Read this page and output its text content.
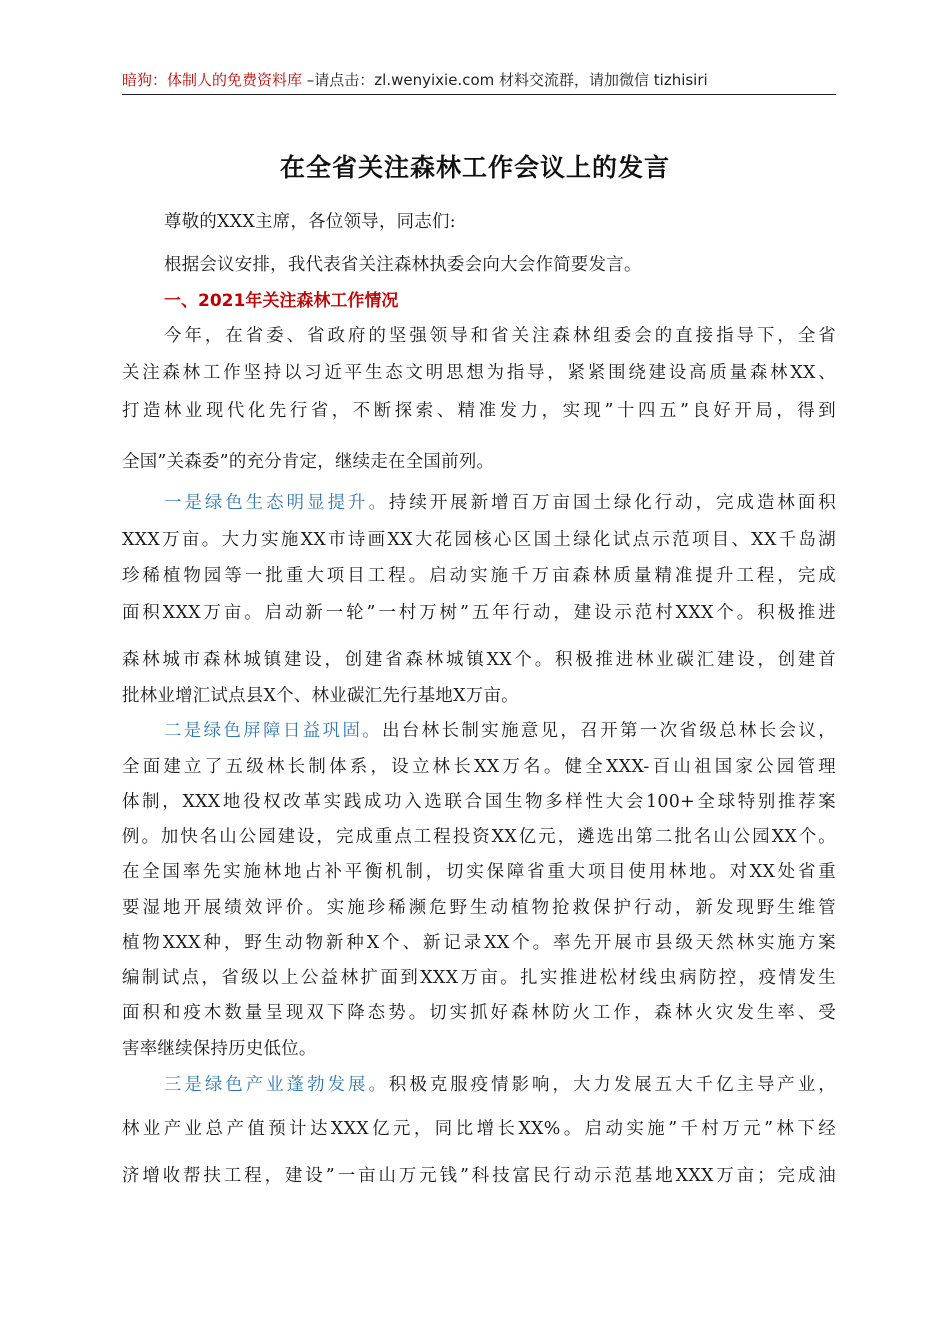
暗狗：体制人的免费资料库 –请点击：zl.wenyixie.com 材料交流群，请加微信 tizhisiri
在全省关注森林工作会议上的发言
尊敬的XXX主席，各位领导，同志们:
根据会议安排，我代表省关注森林执委会向大会作简要发言。
一、2021年关注森林工作情况
今年，在省委、省政府的坚强领导和省关注森林组委会的直接指导下，全省
关注森林工作坚持以习近平生态文明思想为指导，紧紧围绕建设高质量森林XX、
打造林业现代化先行省，不断探索、精准发力，实现”十四五”良好开局，得到
全国”关森委”的充分肯定，继续走在全国前列。
一是绿色生态明显提升。持续开展新增百万亩国土绿化行动，完成造林面积
XXX万亩。大力实施XX市诗画XX大花园核心区国土绿化试点示范项目、XX千岛湖
珍稀植物园等一批重大项目工程。启动实施千万亩森林质量精准提升工程，完成
面积XXX万亩。启动新一轮”一村万树”五年行动，建设示范村XXX个。积极推进
森林城市森林城镇建设，创建省森林城镇XX个。积极推进林业碳汇建设，创建首
批林业增汇试点县X个、林业碳汇先行基地X万亩。
二是绿色屏障日益巩固。出台林长制实施意见，召开第一次省级总林长会议，
全面建立了五级林长制体系，设立林长XX万名。健全XXX-百山祖国家公园管理
体制，XXX地役权改革实践成功入选联合国生物多样性大会100+全球特别推荐案
例。加快名山公园建设，完成重点工程投资XX亿元，遴选出第二批名山公园XX个。
在全国率先实施林地占补平衡机制，切实保障省重大项目使用林地。对XX处省重
要湿地开展绩效评价。实施珍稀濒危野生动植物抢救保护行动，新发现野生维管
植物XXX种，野生动物新种X个、新记录XX个。率先开展市县级天然林实施方案
编制试点，省级以上公益林扩面到XXX万亩。扎实推进松材线虫病防控，疫情发生
面积和疫木数量呈现双下降态势。切实抓好森林防火工作，森林火灾发生率、受
害率继续保持历史低位。
三是绿色产业蓬勃发展。积极克服疫情影响，大力发展五大千亿主导产业，
林业产业总产值预计达XXX亿元，同比增长XX%。启动实施”千村万元”林下经
济增收帮扶工程，建设”一亩山万元钱”科技富民行动示范基地XXX万亩；完成油
